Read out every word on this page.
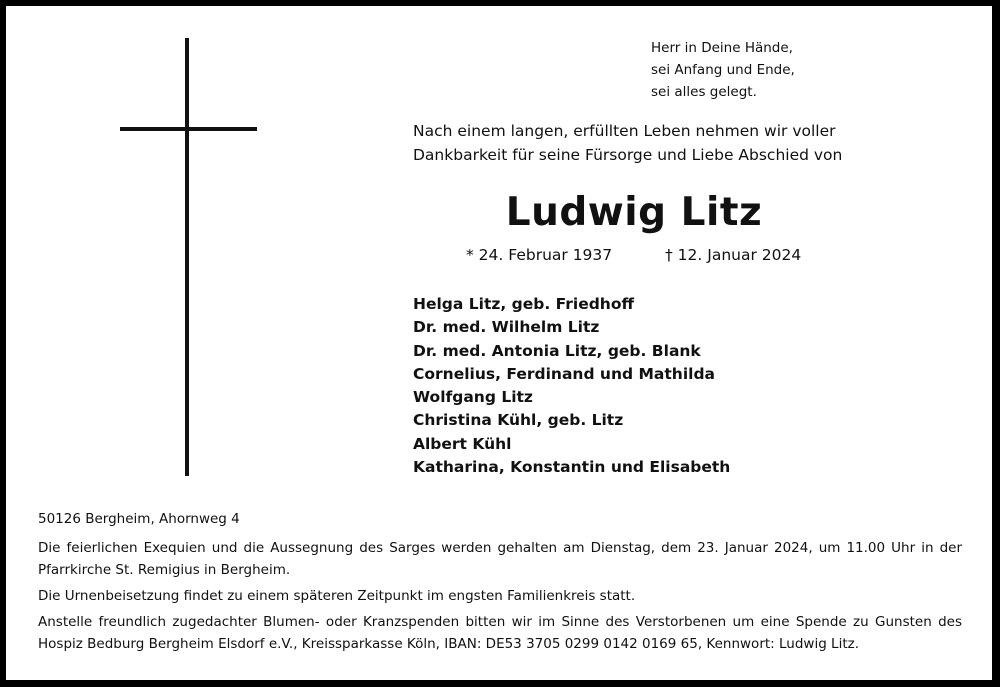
Herr in Deine Hände,
sei Anfang und Ende,
sei alles gelegt.
Nach einem langen, erfüllten Leben nehmen wir voller
Dankbarkeit für seine Fürsorge und Liebe Abschied von
Ludwig Litz
* 24. Februar 1937	† 12. Januar 2024
Helga Litz, geb. Friedhoff
Dr. med. Wilhelm Litz
Dr. med. Antonia Litz, geb. Blank
Cornelius, Ferdinand und Mathilda
Wolfgang Litz
Christina Kühl, geb. Litz
Albert Kühl
Katharina, Konstantin und Elisabeth
50126 Bergheim, Ahornweg 4
Die feierlichen Exequien und die Aussegnung des Sarges werden gehalten am Dienstag, dem 23. Januar 2024, um 11.00 Uhr in der Pfarrkirche St. Remigius in Bergheim.
Die Urnenbeisetzung findet zu einem späteren Zeitpunkt im engsten Familienkreis statt.
Anstelle freundlich zugedachter Blumen- oder Kranzspenden bitten wir im Sinne des Verstorbenen um eine Spende zu Gunsten des Hospiz Bedburg Bergheim Elsdorf e.V., Kreissparkasse Köln, IBAN: DE53 3705 0299 0142 0169 65, Kennwort: Ludwig Litz.
